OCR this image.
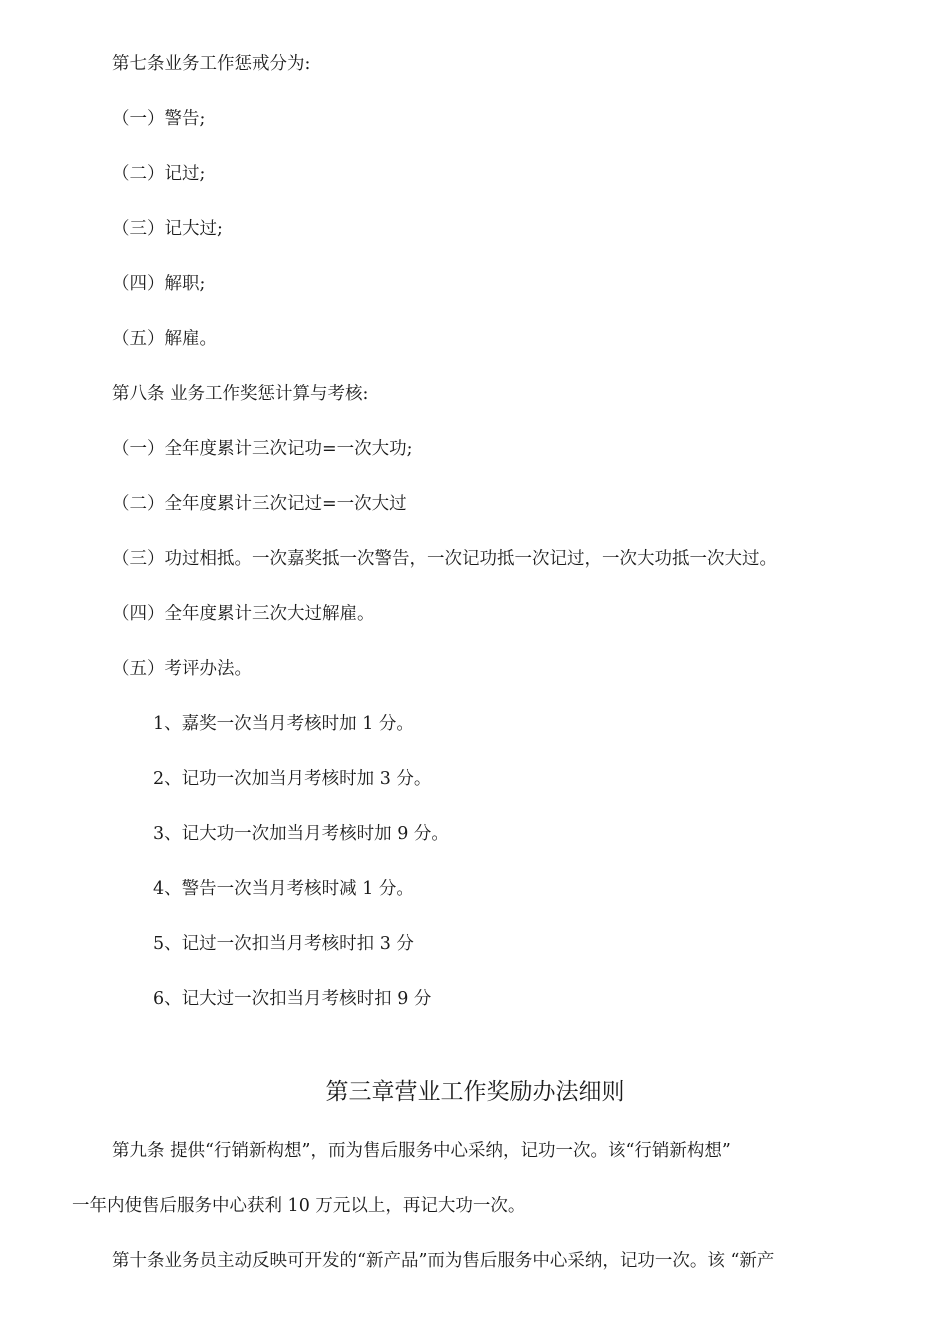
第七条业务工作惩戒分为:
（一）警告;
（二）记过;
（三）记大过;
（四）解职;
（五）解雇。
第八条 业务工作奖惩计算与考核:
（一）全年度累计三次记功=一次大功;
（二）全年度累计三次记过=一次大过
（三）功过相抵。一次嘉奖抵一次警告，一次记功抵一次记过，一次大功抵一次大过。
（四）全年度累计三次大过解雇。
（五）考评办法。
1、嘉奖一次当月考核时加 1 分。
2、记功一次加当月考核时加 3 分。
3、记大功一次加当月考核时加 9 分。
4、警告一次当月考核时减 1 分。
5、记过一次扣当月考核时扣 3 分
6、记大过一次扣当月考核时扣 9 分
第三章营业工作奖励办法细则
第九条 提供“行销新构想”，而为售后服务中心采纳，记功一次。该“行销新构想”
一年内使售后服务中心获利 10 万元以上，再记大功一次。
第十条业务员主动反映可开发的“新产品”而为售后服务中心采纳，记功一次。该 “新产
